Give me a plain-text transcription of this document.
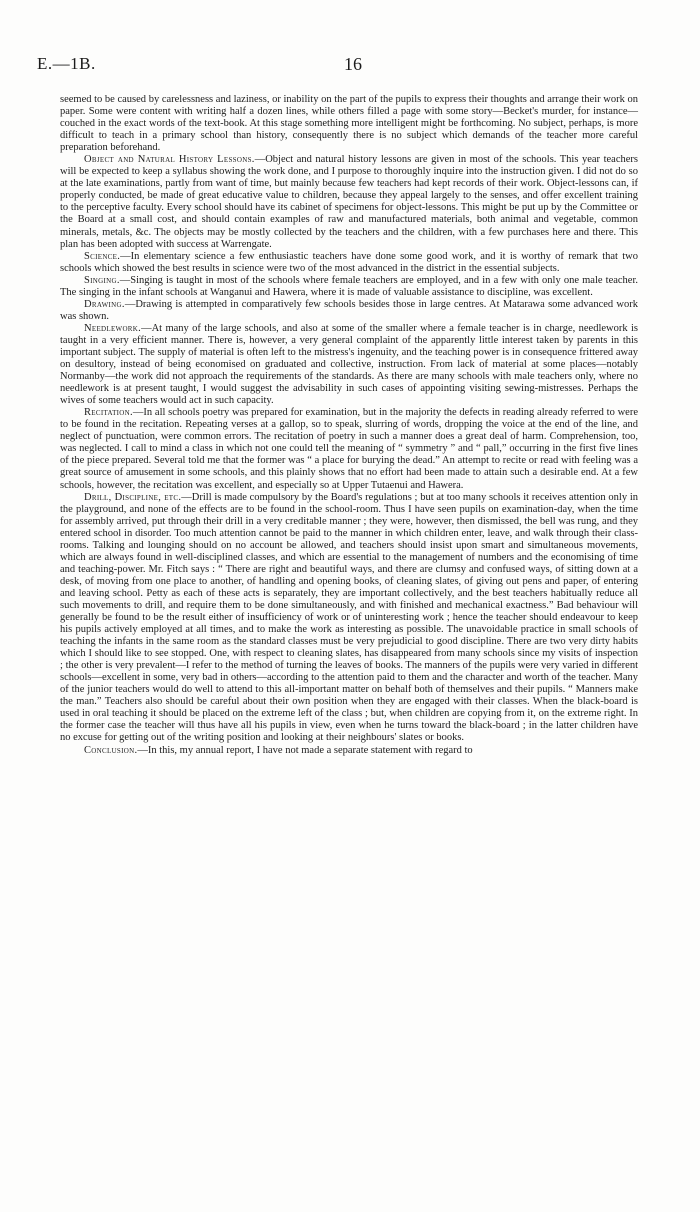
E.—1B.	16

seemed to be caused by carelessness and laziness, or inability on the part of the pupils to express their thoughts and arrange their work on paper. Some were content with writing half a dozen lines, while others filled a page with some story—Becket's murder, for instance—couched in the exact words of the text-book. At this stage something more intelligent might be forthcoming. No subject, perhaps, is more difficult to teach in a primary school than history, consequently there is no subject which demands of the teacher more careful preparation beforehand.

Object and Natural History Lessons.—Object and natural history lessons are given in most of the schools. This year teachers will be expected to keep a syllabus showing the work done, and I purpose to thoroughly inquire into the instruction given. I did not do so at the late examinations, partly from want of time, but mainly because few teachers had kept records of their work. Object-lessons can, if properly conducted, be made of great educative value to children, because they appeal largely to the senses, and offer excellent training to the perceptive faculty. Every school should have its cabinet of specimens for object-lessons. This might be put up by the Committee or the Board at a small cost, and should contain examples of raw and manufactured materials, both animal and vegetable, common minerals, metals, &c. The objects may be mostly collected by the teachers and the children, with a few purchases here and there. This plan has been adopted with success at Warrengate.

Science.—In elementary science a few enthusiastic teachers have done some good work, and it is worthy of remark that two schools which showed the best results in science were two of the most advanced in the district in the essential subjects.

Singing.—Singing is taught in most of the schools where female teachers are employed, and in a few with only one male teacher. The singing in the infant schools at Wanganui and Hawera, where it is made of valuable assistance to discipline, was excellent.

Drawing.—Drawing is attempted in comparatively few schools besides those in large centres. At Matarawa some advanced work was shown.

Needlework.—At many of the large schools, and also at some of the smaller where a female teacher is in charge, needlework is taught in a very efficient manner. There is, however, a very general complaint of the apparently little interest taken by parents in this important subject. The supply of material is often left to the mistress's ingenuity, and the teaching power is in consequence frittered away on desultory, instead of being economised on graduated and collective, instruction. From lack of material at some places—notably Normanby—the work did not approach the requirements of the standards. As there are many schools with male teachers only, where no needlework is at present taught, I would suggest the advisability in such cases of appointing visiting sewing-mistresses. Perhaps the wives of some teachers would act in such capacity.

Recitation.—In all schools poetry was prepared for examination, but in the majority the defects in reading already referred to were to be found in the recitation. Repeating verses at a gallop, so to speak, slurring of words, dropping the voice at the end of the line, and neglect of punctuation, were common errors. The recitation of poetry in such a manner does a great deal of harm. Comprehension, too, was neglected. I call to mind a class in which not one could tell the meaning of “ symmetry ” and “ pall,” occurring in the first five lines of the piece prepared. Several told me that the former was “ a place for burying the dead.” An attempt to recite or read with feeling was a great source of amusement in some schools, and this plainly shows that no effort had been made to attain such a desirable end. At a few schools, however, the recitation was excellent, and especially so at Upper Tutaenui and Hawera.

Drill, Discipline, etc.—Drill is made compulsory by the Board's regulations ; but at too many schools it receives attention only in the playground, and none of the effects are to be found in the school-room. Thus I have seen pupils on examination-day, when the time for assembly arrived, put through their drill in a very creditable manner ; they were, however, then dismissed, the bell was rung, and they entered school in disorder. Too much attention cannot be paid to the manner in which children enter, leave, and walk through their class-rooms. Talking and lounging should on no account be allowed, and teachers should insist upon smart and simultaneous movements, which are always found in well-disciplined classes, and which are essential to the management of numbers and the economising of time and teaching-power. Mr. Fitch says : “ There are right and beautiful ways, and there are clumsy and confused ways, of sitting down at a desk, of moving from one place to another, of handling and opening books, of cleaning slates, of giving out pens and paper, of entering and leaving school. Petty as each of these acts is separately, they are important collectively, and the best teachers habitually reduce all such movements to drill, and require them to be done simultaneously, and with finished and mechanical exactness.” Bad behaviour will generally be found to be the result either of insufficiency of work or of uninteresting work ; hence the teacher should endeavour to keep his pupils actively employed at all times, and to make the work as interesting as possible. The unavoidable practice in small schools of teaching the infants in the same room as the standard classes must be very prejudicial to good discipline. There are two very dirty habits which I should like to see stopped. One, with respect to cleaning slates, has disappeared from many schools since my visits of inspection ; the other is very prevalent—I refer to the method of turning the leaves of books. The manners of the pupils were very varied in different schools—excellent in some, very bad in others—according to the attention paid to them and the character and worth of the teacher. Many of the junior teachers would do well to attend to this all-important matter on behalf both of themselves and their pupils. “ Manners make the man.” Teachers also should be careful about their own position when they are engaged with their classes. When the black-board is used in oral teaching it should be placed on the extreme left of the class ; but, when children are copying from it, on the extreme right. In the former case the teacher will thus have all his pupils in view, even when he turns toward the black-board ; in the latter children have no excuse for getting out of the writing position and looking at their neighbours' slates or books.

Conclusion.—In this, my annual report, I have not made a separate statement with regard to
